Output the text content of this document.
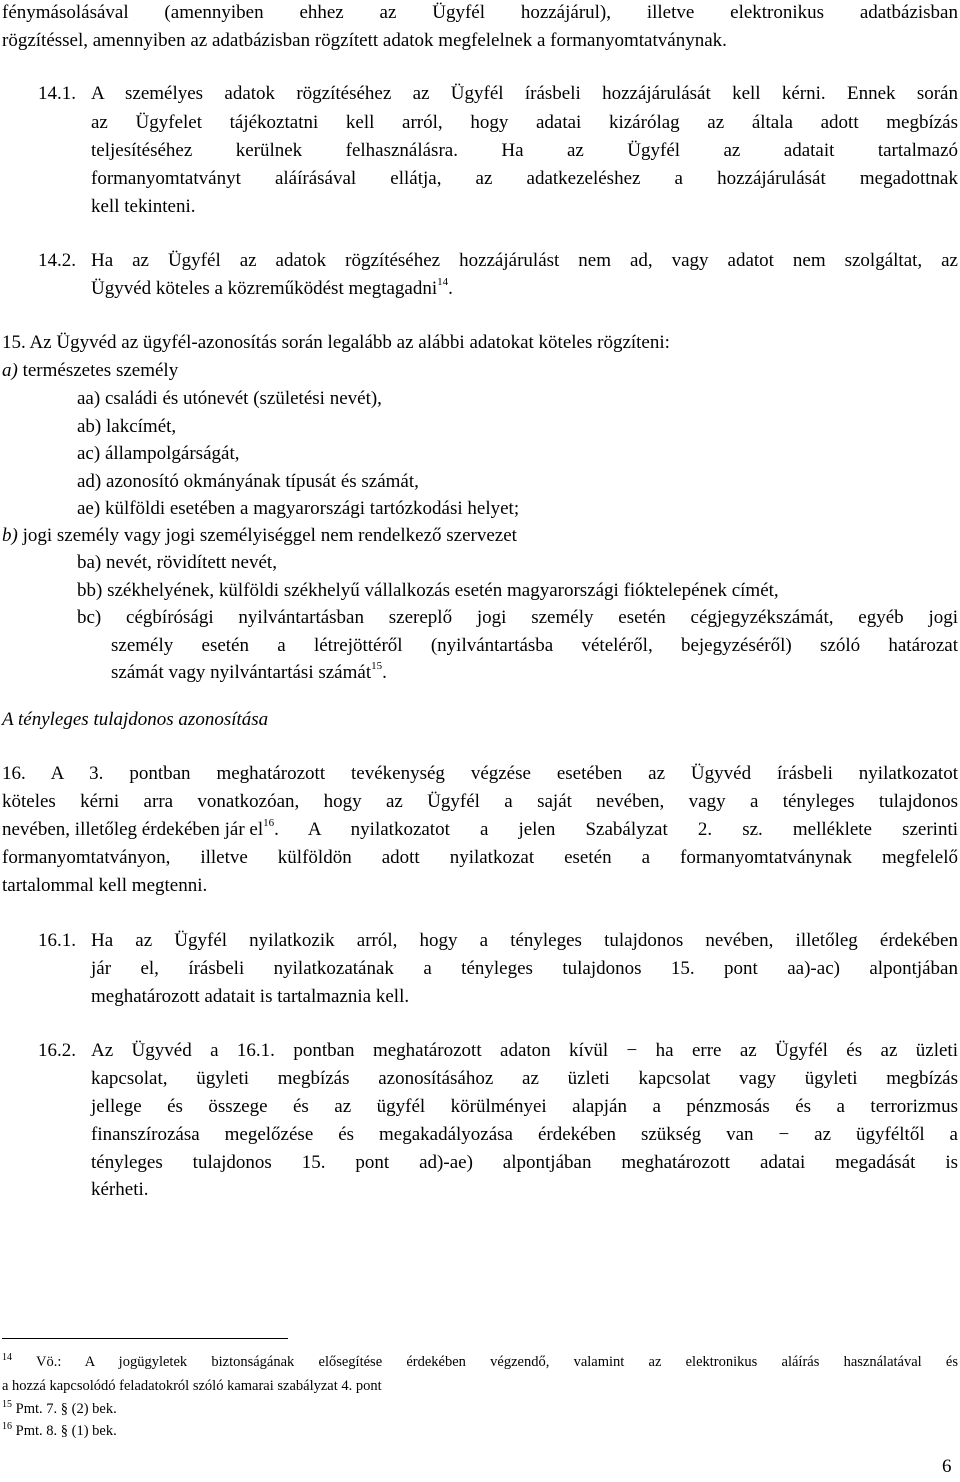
fénymásolásával (amennyiben ehhez az Ügyfél hozzájárul), illetve elektronikus adatbázisban
rögzítéssel, amennyiben az adatbázisban rögzített adatok megfelelnek a formanyomtatványnak.
14.1. A személyes adatok rögzítéséhez az Ügyfél írásbeli hozzájárulását kell kérni. Ennek során
az Ügyfelet tájékoztatni kell arról, hogy adatai kizárólag az általa adott megbízás
teljesítéséhez kerülnek felhasználásra. Ha az Ügyfél az adatait tartalmazó
formanyomtatványt aláírásával ellátja, az adatkezeléshez a hozzájárulását megadottnak
kell tekinteni.
14.2. Ha az Ügyfél az adatok rögzítéséhez hozzájárulást nem ad, vagy adatot nem szolgáltat, az
Ügyvéd köteles a közreműködést megtagadni$^{14}$.
15. Az Ügyvéd az ügyfél-azonosítás során legalább az alábbi adatokat köteles rögzíteni:
a) természetes személy
aa) családi és utónevét (születési nevét),
ab) lakcímét,
ac) állampolgárságát,
ad) azonosító okmányának típusát és számát,
ae) külföldi esetében a magyarországi tartózkodási helyet;
b) jogi személy vagy jogi személyiséggel nem rendelkező szervezet
ba) nevét, rövidített nevét,
bb) székhelyének, külföldi székhelyű vállalkozás esetén magyarországi fióktelepének címét,
bc) cégbírósági nyilvántartásban szereplő jogi személy esetén cégjegyzékszámát, egyéb jogi
személy esetén a létrejöttéről (nyilvántartásba vételéről, bejegyzéséről) szóló határozat
számát vagy nyilvántartási számát$^{15}$.
A tényleges tulajdonos azonosítása
16. A 3. pontban meghatározott tevékenység végzése esetében az Ügyvéd írásbeli nyilatkozatot
köteles kérni arra vonatkozóan, hogy az Ügyfél a saját nevében, vagy a tényleges tulajdonos
nevében, illetőleg érdekében jár $el^{16}$ . A nyilatkozatot a jelen Szabályzat 2. sz. melléklete szerinti
formanyomtatványon, illetve külföldön adott nyilatkozat esetén a formanyomtatványnak megfelelő
tartalommal kell megtenni.
16.1. Ha az Ügyfél nyilatkozik arról, hogy a tényleges tulajdonos nevében, illetőleg érdekében
jár el, írásbeli nyilatkozatának a tényleges tulajdonos 15. pont aa)-ac) alpontjában
meghatározott adatait is tartalmaznia kell.
16.2. Az Ügyvéd a 16.1. pontban meghatározott adaton kívül − ha erre az Ügyfél és az üzleti
kapcsolat, ügyleti megbízás azonosításához az üzleti kapcsolat vagy ügyleti megbízás
jellege és összege és az ügyfél körülményei alapján a pénzmosás és a terrorizmus
finanszírozása megelőzése és megakadályozása érdekében szükség van − az ügyféltől a
tényleges tulajdonos 15. pont ad)-ae) alpontjában meghatározott adatai megadását is
kérheti.
$^{14}$ Vö.: A jogügyletek biztonságának elősegítése érdekében végzendő, valamint az elektronikus aláírás használatával és
a hozzá kapcsolódó feladatokról szóló kamarai szabályzat 4. pont
$^{15}$ Pmt. 7. § (2) bek.
$^{16}$ Pmt. 8. § (1) bek.
6
